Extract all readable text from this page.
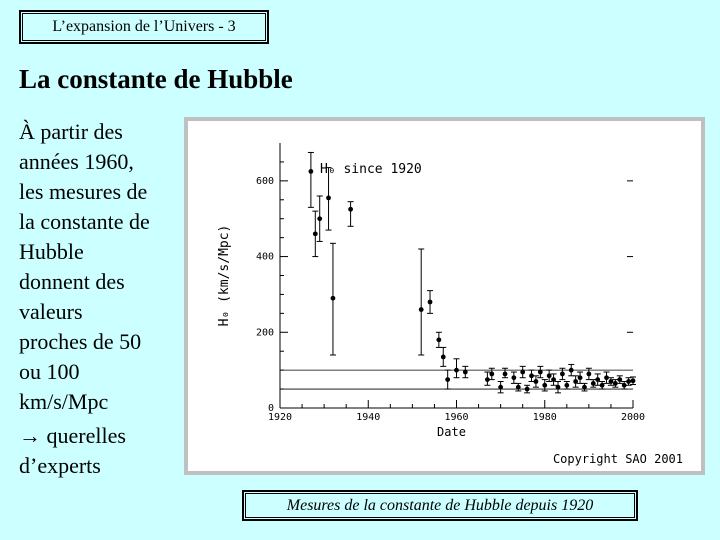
L’expansion de l’Univers - 3
La constante de Hubble

À partir des

années 1960,

les mesures de

la constante de

Hubble

donnent des

valeurs

proches de 50

ou 100

km/s/Mpc

→ querelles

d’experts

0
200
400
600
1920	1940	1960	1980	2000
Date
H₀ (km/s/Mpc)
H₀ since 1920
Copyright SAO 2001
Mesures de la constante de Hubble depuis 1920
